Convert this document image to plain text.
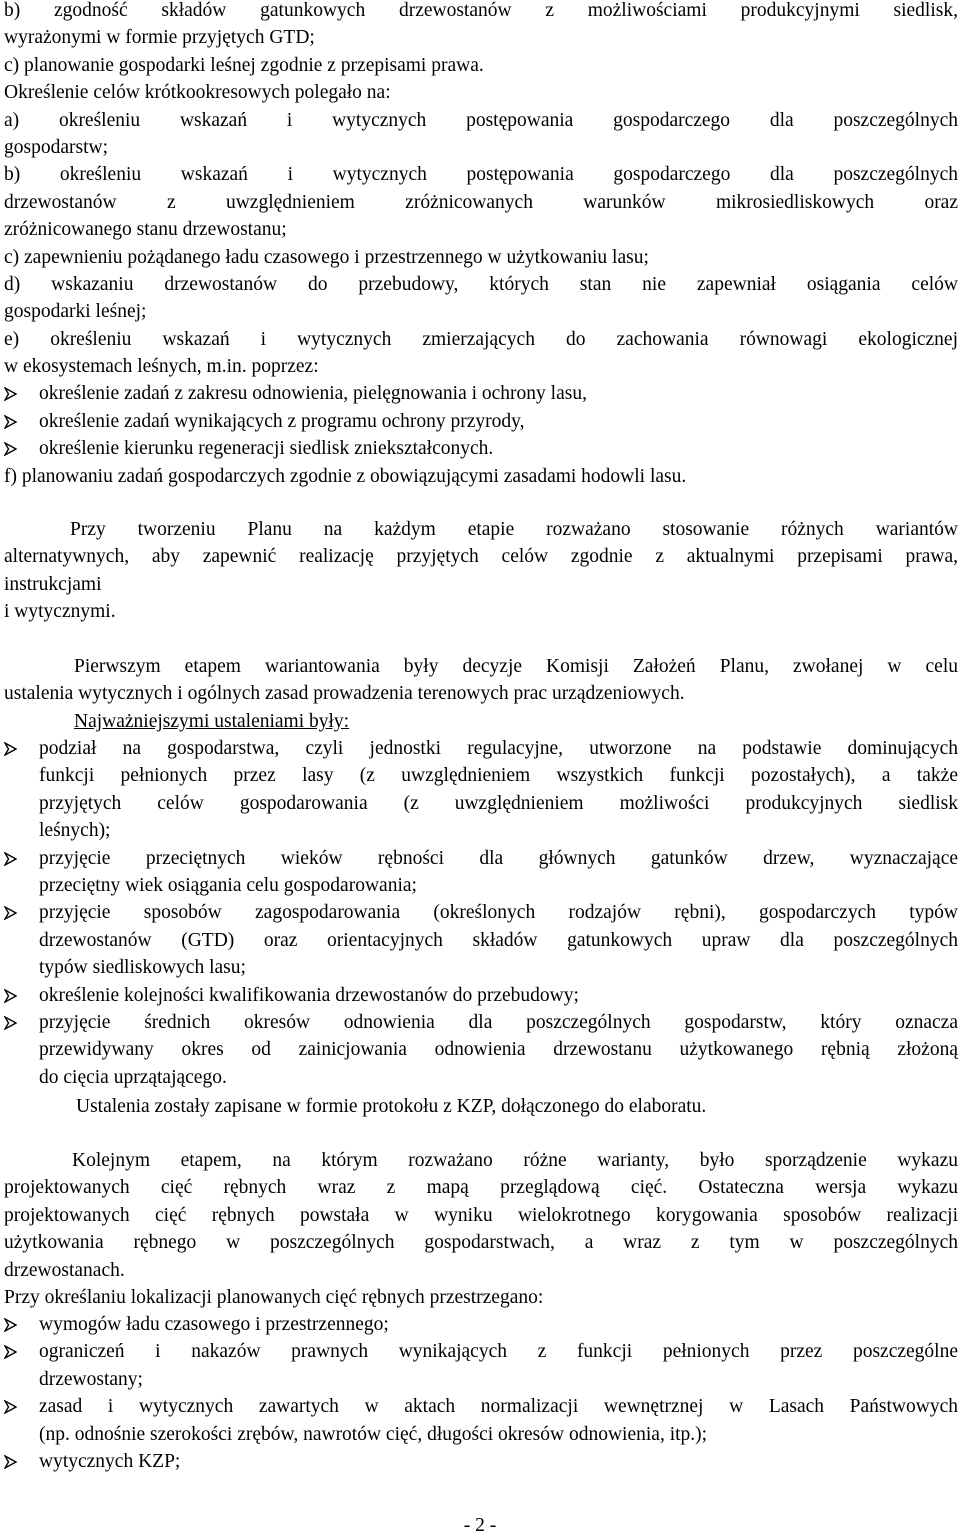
b) zgodność składów gatunkowych drzewostanów z możliwościami produkcyjnymi siedlisk,
wyrażonymi w formie przyjętych GTD;
c) planowanie gospodarki leśnej zgodnie z przepisami prawa.
Określenie celów krótkookresowych polegało na:
a) określeniu wskazań i wytycznych postępowania gospodarczego dla poszczególnych
gospodarstw;
b) określeniu wskazań i wytycznych postępowania gospodarczego dla poszczególnych
drzewostanów z uwzględnieniem zróżnicowanych warunków mikrosiedliskowych oraz
zróżnicowanego stanu drzewostanu;
c) zapewnieniu pożądanego ładu czasowego i przestrzennego w użytkowaniu lasu;
d) wskazaniu drzewostanów do przebudowy, których stan nie zapewniał osiągania celów
gospodarki leśnej;
e) określeniu wskazań i wytycznych zmierzających do zachowania równowagi ekologicznej
w ekosystemach leśnych, m.in. poprzez:
określenie zadań z zakresu odnowienia, pielęgnowania i ochrony lasu,
określenie zadań wynikających z programu ochrony przyrody,
określenie kierunku regeneracji siedlisk zniekształconych.
f) planowaniu zadań gospodarczych zgodnie z obowiązującymi zasadami hodowli lasu.
Przy tworzeniu Planu na każdym etapie rozważano stosowanie różnych wariantów
alternatywnych, aby zapewnić realizację przyjętych celów zgodnie z aktualnymi przepisami prawa,
instrukcjami
i wytycznymi.
Pierwszym etapem wariantowania były decyzje Komisji Założeń Planu, zwołanej w celu
ustalenia wytycznych i ogólnych zasad prowadzenia terenowych prac urządzeniowych.
Najważniejszymi ustaleniami były:
podział na gospodarstwa, czyli jednostki regulacyjne, utworzone na podstawie dominujących
funkcji pełnionych przez lasy (z uwzględnieniem wszystkich funkcji pozostałych), a także
przyjętych celów gospodarowania (z uwzględnieniem możliwości produkcyjnych siedlisk
leśnych);
przyjęcie przeciętnych wieków rębności dla głównych gatunków drzew, wyznaczające
przeciętny wiek osiągania celu gospodarowania;
przyjęcie sposobów zagospodarowania (określonych rodzajów rębni), gospodarczych typów
drzewostanów (GTD) oraz orientacyjnych składów gatunkowych upraw dla poszczególnych
typów siedliskowych lasu;
określenie kolejności kwalifikowania drzewostanów do przebudowy;
przyjęcie średnich okresów odnowienia dla poszczególnych gospodarstw, który oznacza
przewidywany okres od zainicjowania odnowienia drzewostanu użytkowanego rębnią złożoną
do cięcia uprzątającego.
Ustalenia zostały zapisane w formie protokołu z KZP, dołączonego do elaboratu.
Kolejnym etapem, na którym rozważano różne warianty, było sporządzenie wykazu
projektowanych cięć rębnych wraz z mapą przeglądową cięć. Ostateczna wersja wykazu
projektowanych cięć rębnych powstała w wyniku wielokrotnego korygowania sposobów realizacji
użytkowania rębnego w poszczególnych gospodarstwach, a wraz z tym w poszczególnych
drzewostanach.
Przy określaniu lokalizacji planowanych cięć rębnych przestrzegano:
wymogów ładu czasowego i przestrzennego;
ograniczeń i nakazów prawnych wynikających z funkcji pełnionych przez poszczególne
drzewostany;
zasad i wytycznych zawartych w aktach normalizacji wewnętrznej w Lasach Państwowych
(np. odnośnie szerokości zrębów, nawrotów cięć, długości okresów odnowienia, itp.);
wytycznych KZP;
- 2 -
